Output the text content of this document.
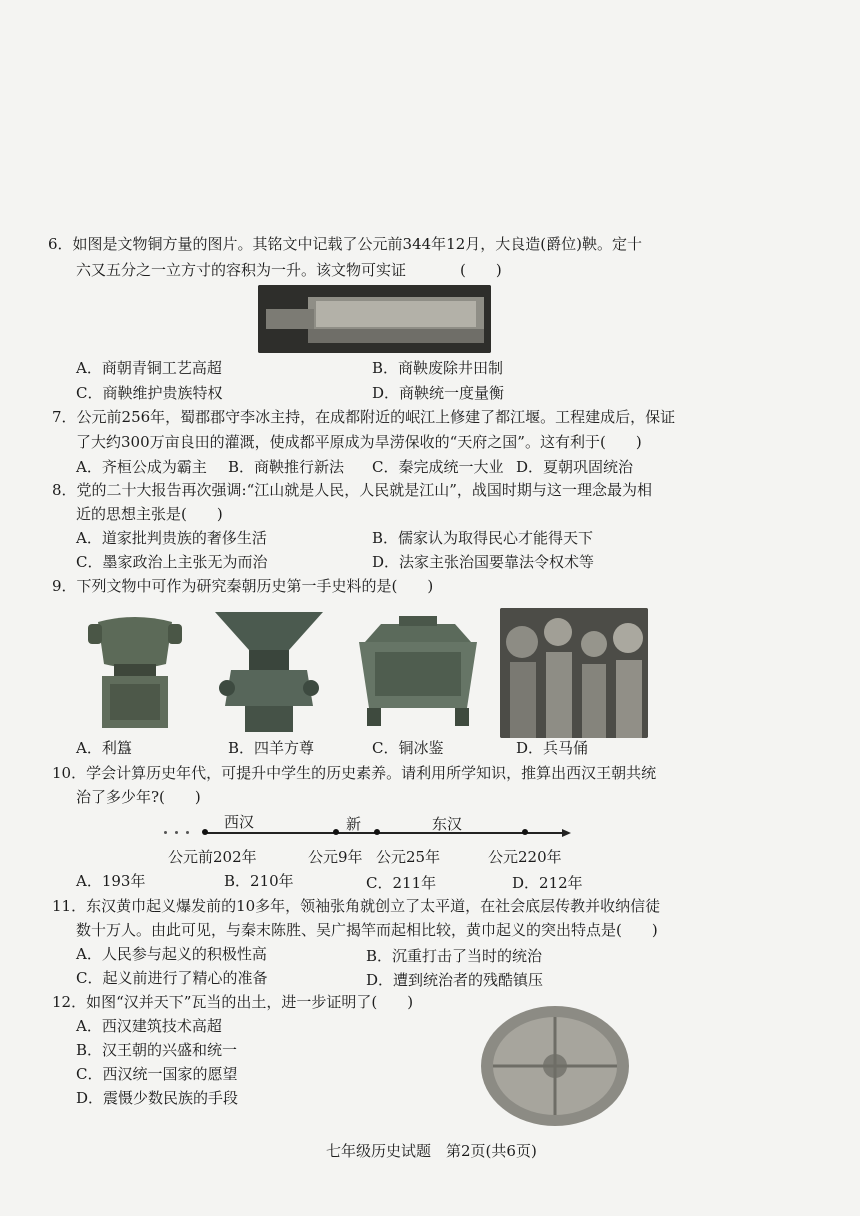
6．如图是文物铜方量的图片。其铭文中记载了公元前344年12月，大良造(爵位)鞅。定十
六又五分之一立方寸的容积为一升。该文物可实证	(　　)
A．商朝青铜工艺高超	B．商鞅废除井田制
C．商鞅维护贵族特权	D．商鞅统一度量衡
7．公元前256年，蜀郡郡守李冰主持，在成都附近的岷江上修建了都江堰。工程建成后，保证
了大约300万亩良田的灌溉，使成都平原成为旱涝保收的“天府之国”。这有利于(　　)
A．齐桓公成为霸主 B．商鞅推行新法 C．秦完成统一大业 D．夏朝巩固统治
8．党的二十大报告再次强调:“江山就是人民，人民就是江山”，战国时期与这一理念最为相
近的思想主张是(　　)
A．道家批判贵族的奢侈生活	B．儒家认为取得民心才能得天下
C．墨家政治上主张无为而治	D．法家主张治国要靠法令权术等
9．下列文物中可作为研究秦朝历史第一手史料的是(　　)
A．利簋	B．四羊方尊	C．铜冰鉴	D．兵马俑
10．学会计算历史年代，可提升中学生的历史素养。请利用所学知识，推算出西汉王朝共统
治了多少年?(　　)
西汉	新	东汉
公元前202年	公元9年 公元25年	公元220年
A．193年	B．210年	C．211年	D．212年
11．东汉黄巾起义爆发前的10多年，领袖张角就创立了太平道，在社会底层传教并收纳信徒
数十万人。由此可见，与秦末陈胜、吴广揭竿而起相比较，黄巾起义的突出特点是(　　)
A．人民参与起义的积极性高	B．沉重打击了当时的统治
C．起义前进行了精心的准备	D．遭到统治者的残酷镇压
12．如图“汉并天下”瓦当的出土，进一步证明了(　　)
A．西汉建筑技术高超
B．汉王朝的兴盛和统一
C．西汉统一国家的愿望
D．震慑少数民族的手段
七年级历史试题　第2页(共6页)
